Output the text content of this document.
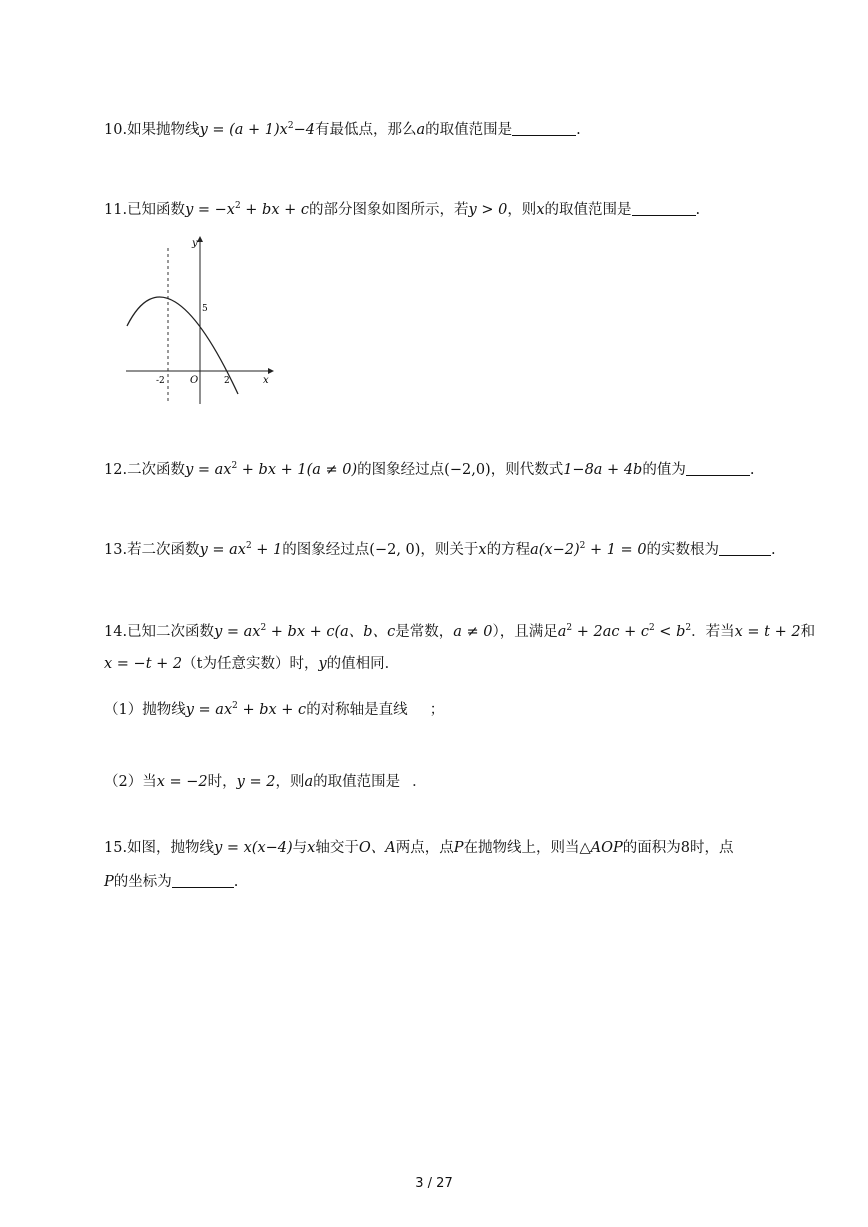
10.如果抛物线$y = (a + 1)x^2-4$有最低点，那么a的取值范围是	.
11.已知函数$y = -x^2$ + bx + c的部分图象如图所示，若y > 0，则x的取值范围是	.
y
x
O
-2	2
5
12.二次函数$y = ax^2$ + bx + 1(a ≠ 0)的图象经过点(−2,0)，则代数式1−8a + 4b的值为	.
13.若二次函数$y = ax^2 + 1$的图象经过点(−2, 0)，则关于x的方程$a(x-2)^2 + 1 = 0$的实数根为	.
14.已知二次函数$y = ax^2$ + bx + c(a、b、c是常数，a ≠ 0），且满足$a^2 + 2ac + c^2 < b^2$．若当x = t + 2和
x = −t + 2（t为任意实数）时，y的值相同．
（1）抛物线$y = ax^2$ + bx + c的对称轴是直线 ；
（2）当x = −2时，y = 2，则a的取值范围是 ．
15.如图，抛物线y = x(x−4)与x轴交于O、A两点，点P在抛物线上，则当△AOP的面积为8时，点
P的坐标为	.
3 / 27
